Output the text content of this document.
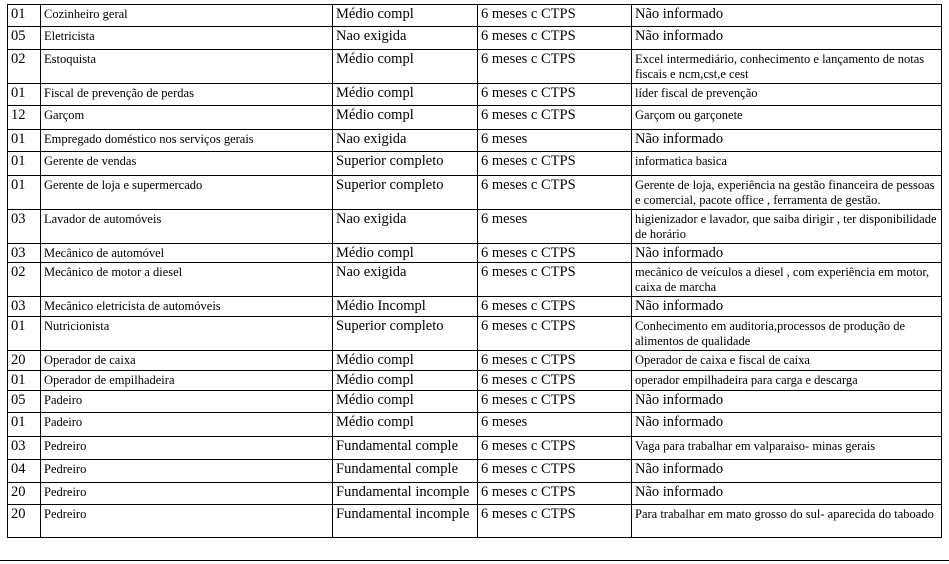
01	Cozinheiro geral	Médio compl	6 meses c CTPS	Não informado
05	Eletricista	Nao exigida	6 meses c CTPS	Não informado
02	Estoquista	Médio compl	6 meses c CTPS	Excel intermediário, conhecimento e lançamento de notas fiscais e ncm,cst,e cest
01	Fiscal de prevenção de perdas	Médio compl	6 meses c CTPS	líder fiscal de prevenção
12	Garçom	Médio compl	6 meses c CTPS	Garçom ou garçonete
01	Empregado doméstico nos serviços gerais	Nao exigida	6 meses	Não informado
01	Gerente de vendas	Superior completo	6 meses c CTPS	informatica basica
01	Gerente de loja e supermercado	Superior completo	6 meses c CTPS	Gerente de loja, experiência na gestão financeira de pessoas e comercial, pacote office , ferramenta de gestão.
03	Lavador de automóveis	Nao exigida	6 meses	higienizador e lavador, que saiba dirigir , ter disponibilidade de horário
03	Mecânico de automóvel	Médio compl	6 meses c CTPS	Não informado
02	Mecânico de motor a diesel	Nao exigida	6 meses c CTPS	mecânico de veículos a diesel , com experiência em motor, caixa de marcha
03	Mecânico eletricista de automóveis	Médio Incompl	6 meses c CTPS	Não informado
01	Nutricionista	Superior completo	6 meses c CTPS	Conhecimento em auditoria,processos de produção de alimentos de qualidade
20	Operador de caixa	Médio compl	6 meses c CTPS	Operador de caixa e fiscal de caixa
01	Operador de empilhadeira	Médio compl	6 meses c CTPS	operador empilhadeira para carga e descarga
05	Padeiro	Médio compl	6 meses c CTPS	Não informado
01	Padeiro	Médio compl	6 meses	Não informado
03	Pedreiro	Fundamental comple	6 meses c CTPS	Vaga para trabalhar em valparaiso- minas gerais
04	Pedreiro	Fundamental comple	6 meses c CTPS	Não informado
20	Pedreiro	Fundamental incomple	6 meses c CTPS	Não informado
20	Pedreiro	Fundamental incomple	6 meses c CTPS	Para trabalhar em mato grosso do sul- aparecida do taboado
